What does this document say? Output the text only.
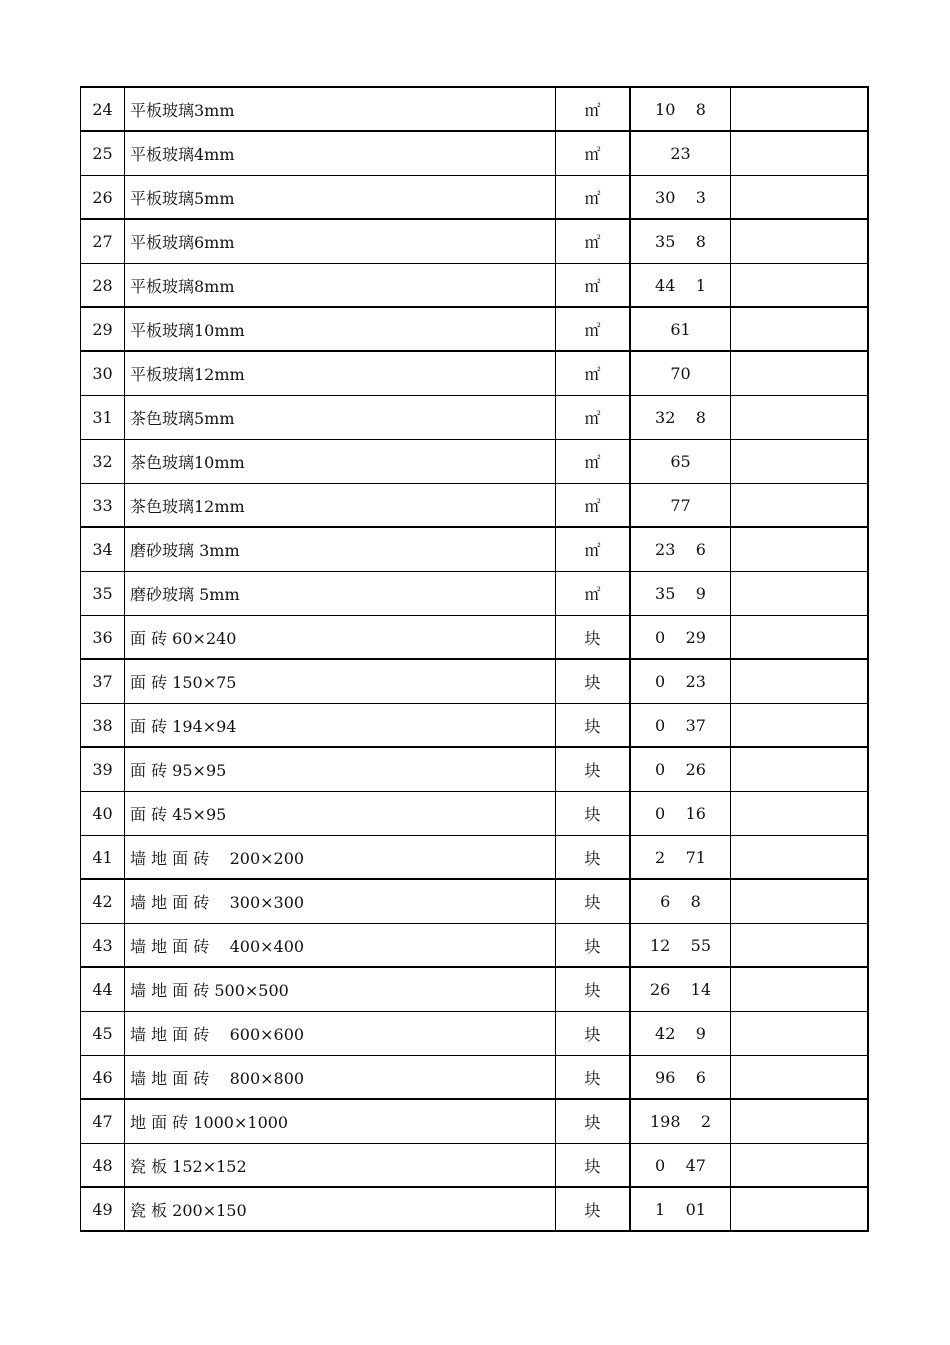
24	平板玻璃3mm	㎡	10    8
25	平板玻璃4mm	㎡	23
26	平板玻璃5mm	㎡	30    3
27	平板玻璃6mm	㎡	35    8
28	平板玻璃8mm	㎡	44    1
29	平板玻璃10mm	㎡	61
30	平板玻璃12mm	㎡	70
31	茶色玻璃5mm	㎡	32    8
32	茶色玻璃10mm	㎡	65
33	茶色玻璃12mm	㎡	77
34	磨砂玻璃 3mm	㎡	23    6
35	磨砂玻璃 5mm	㎡	35    9
36	面 砖 60×240	块	0    29
37	面 砖 150×75	块	0    23
38	面 砖 194×94	块	0    37
39	面 砖 95×95	块	0    26
40	面 砖 45×95	块	0    16
41	墙 地 面 砖    200×200	块	2    71
42	墙 地 面 砖    300×300	块	6    8
43	墙 地 面 砖    400×400	块	12    55
44	墙 地 面 砖 500×500	块	26    14
45	墙 地 面 砖    600×600	块	42    9
46	墙 地 面 砖    800×800	块	96    6
47	地 面 砖 1000×1000	块	198    2
48	瓷 板 152×152	块	0    47
49	瓷 板 200×150	块	1    01
